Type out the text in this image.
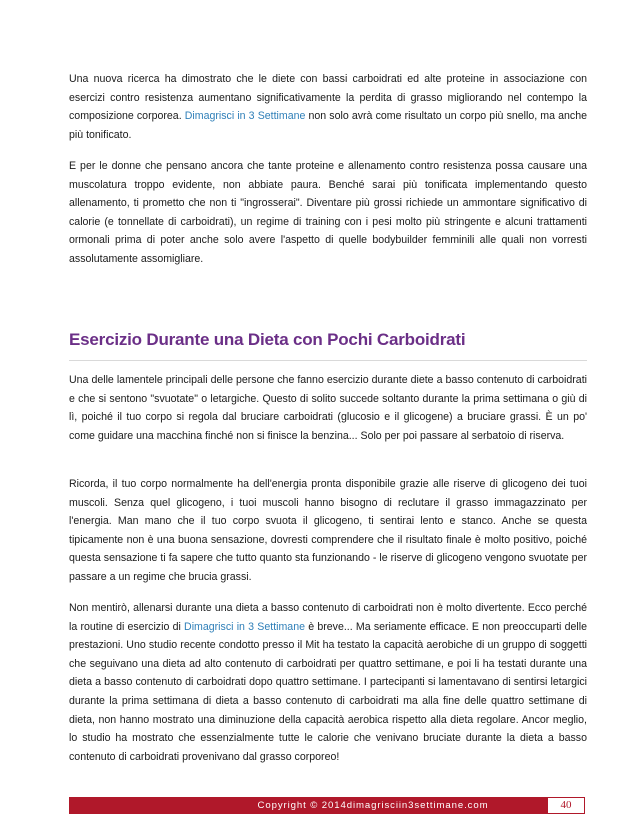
Una nuova ricerca ha dimostrato che le diete con bassi carboidrati ed alte proteine in associazione con esercizi contro resistenza aumentano significativamente la perdita di grasso migliorando nel contempo la composizione corporea. Dimagrisci in 3 Settimane non solo avrà come risultato un corpo più snello, ma anche più tonificato.

E per le donne che pensano ancora che tante proteine e allenamento contro resistenza possa causare una muscolatura troppo evidente, non abbiate paura. Benché sarai più tonificata implementando questo allenamento, ti prometto che non ti "ingrosserai". Diventare più grossi richiede un ammontare significativo di calorie (e tonnellate di carboidrati), un regime di training con i pesi molto più stringente e alcuni trattamenti ormonali prima di poter anche solo avere l'aspetto di quelle bodybuilder femminili alle quali non vorresti assolutamente assomigliare.

Esercizio Durante una Dieta con Pochi Carboidrati

Una delle lamentele principali delle persone che fanno esercizio durante diete a basso contenuto di carboidrati e che si sentono "svuotate" o letargiche. Questo di solito succede soltanto durante la prima settimana o giù di lì, poiché il tuo corpo si regola dal bruciare carboidrati (glucosio e il glicogene) a bruciare grassi. È un po' come guidare una macchina finché non si finisce la benzina... Solo per poi passare al serbatoio di riserva.

Ricorda, il tuo corpo normalmente ha dell'energia pronta disponibile grazie alle riserve di glicogeno dei tuoi muscoli. Senza quel glicogeno, i tuoi muscoli hanno bisogno di reclutare il grasso immagazzinato per l'energia. Man mano che il tuo corpo svuota il glicogeno, ti sentirai lento e stanco. Anche se questa tipicamente non è una buona sensazione, dovresti comprendere che il risultato finale è molto positivo, poiché questa sensazione ti fa sapere che tutto quanto sta funzionando - le riserve di glicogeno vengono svuotate per passare a un regime che brucia grassi.

Non mentirò, allenarsi durante una dieta a basso contenuto di carboidrati non è molto divertente. Ecco perché la routine di esercizio di Dimagrisci in 3 Settimane è breve... Ma seriamente efficace. E non preoccuparti delle prestazioni. Uno studio recente condotto presso il Mit ha testato la capacità aerobiche di un gruppo di soggetti che seguivano una dieta ad alto contenuto di carboidrati per quattro settimane, e poi li ha testati durante una dieta a basso contenuto di carboidrati dopo quattro settimane. I partecipanti si lamentavano di sentirsi letargici durante la prima settimana di dieta a basso contenuto di carboidrati ma alla fine delle quattro settimane di dieta, non hanno mostrato una diminuzione della capacità aerobica rispetto alla dieta regolare. Ancor meglio, lo studio ha mostrato che essenzialmente tutte le calorie che venivano bruciate durante la dieta a basso contenuto di carboidrati provenivano dal grasso corporeo!

Copyright © 2014dimagrisciin3settimane.com	40
